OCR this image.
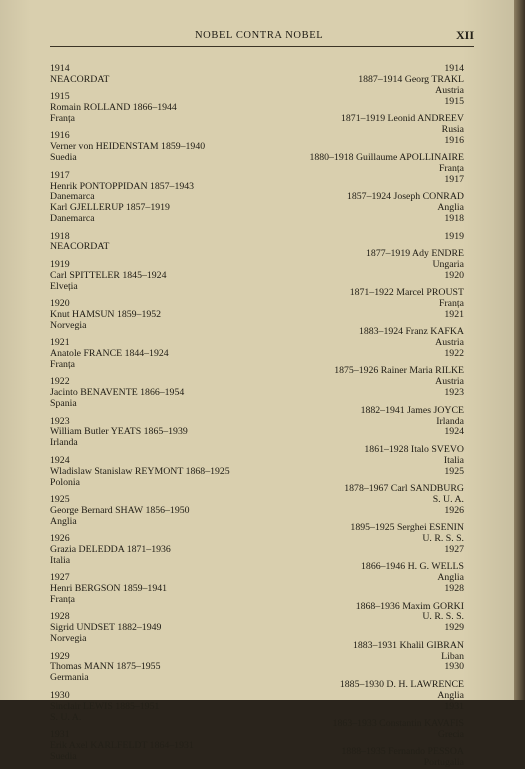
NOBEL CONTRA NOBEL	XII
1914
NEACORDAT
1915
Romain ROLLAND 1866–1944
Franța
1916
Verner von HEIDENSTAM 1859–1940
Suedia
1917
Henrik PONTOPPIDAN 1857–1943
Danemarca
Karl GJELLERUP 1857–1919
Danemarca
1918
NEACORDAT
1919
Carl SPITTELER 1845–1924
Elveția
1920
Knut HAMSUN 1859–1952
Norvegia
1921
Anatole FRANCE 1844–1924
Franța
1922
Jacinto BENAVENTE 1866–1954
Spania
1923
William Butler YEATS 1865–1939
Irlanda
1924
Wladislaw Stanislaw REYMONT 1868–1925
Polonia
1925
George Bernard SHAW 1856–1950
Anglia
1926
Grazia DELEDDA 1871–1936
Italia
1927
Henri BERGSON 1859–1941
Franța
1928
Sigrid UNDSET 1882–1949
Norvegia
1929
Thomas MANN 1875–1955
Germania
1930
Sinclair LEWIS 1885–1951
S. U. A.
1931
Erik Axel KARLFELDT 1864–1931
Suedia
1914
1887–1914 Georg TRAKL
Austria
1915
1871–1919 Leonid ANDREEV
Rusia
1916
1880–1918 Guillaume APOLLINAIRE
Franța
1917
1857–1924 Joseph CONRAD
Anglia
1918
1919
1877–1919 Ady ENDRE
Ungaria
1920
1871–1922 Marcel PROUST
Franța
1921
1883–1924 Franz KAFKA
Austria
1922
1875–1926 Rainer Maria RILKE
Austria
1923
1882–1941 James JOYCE
Irlanda
1924
1861–1928 Italo SVEVO
Italia
1925
1878–1967 Carl SANDBURG
S. U. A.
1926
1895–1925 Serghei ESENIN
U. R. S. S.
1927
1866–1946 H. G. WELLS
Anglia
1928
1868–1936 Maxim GORKI
U. R. S. S.
1929
1883–1931 Khalil GIBRAN
Liban
1930
1885–1930 D. H. LAWRENCE
Anglia
1931
1863–1933 Constantin KAVAFIS
Grecia
1888–1935 Fernando PESSOA
Portugalia
